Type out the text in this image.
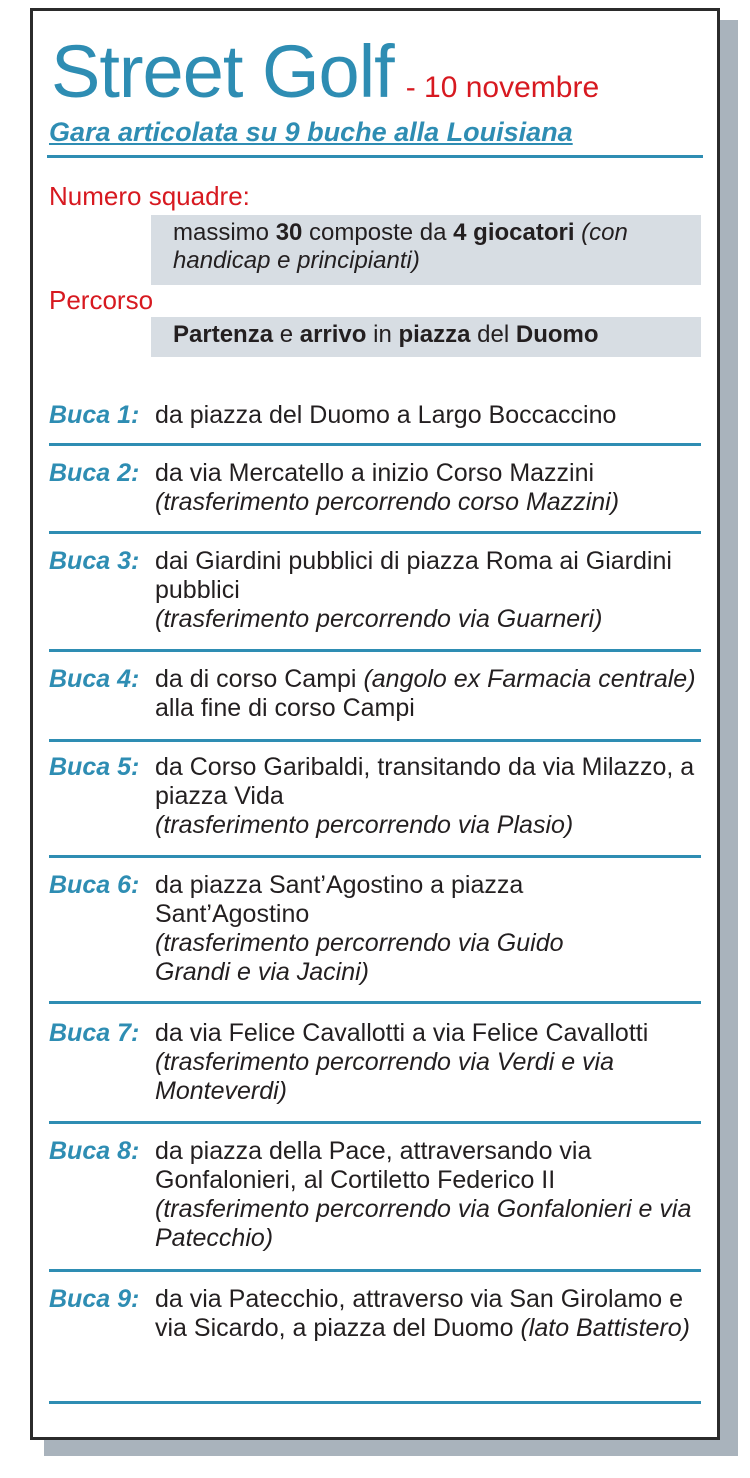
Street Golf - 10 novembre
Gara articolata su 9 buche alla Louisiana
Numero squadre:
massimo 30 composte da 4 giocatori (con handicap e principianti)
Percorso
Partenza e arrivo in piazza del Duomo
Buca 1: da piazza del Duomo a Largo Boccaccino
Buca 2: da via Mercatello a inizio Corso Mazzini
(trasferimento percorrendo corso Mazzini)
Buca 3: dai Giardini pubblici di piazza Roma ai Giardini pubblici
(trasferimento percorrendo via Guarneri)
Buca 4: da di corso Campi (angolo ex Farmacia centrale) alla fine di corso Campi
Buca 5: da Corso Garibaldi, transitando da via Milazzo, a piazza Vida
(trasferimento percorrendo via Plasio)
Buca 6: da piazza Sant’Agostino a piazza Sant’Agostino
(trasferimento percorrendo via Guido Grandi e via Jacini)
Buca 7: da via Felice Cavallotti a via Felice Cavallotti
(trasferimento percorrendo via Verdi e via Monteverdi)
Buca 8: da piazza della Pace, attraversando via Gonfalonieri, al Cortiletto Federico II
(trasferimento percorrendo via Gonfalonieri e via Patecchio)
Buca 9: da via Patecchio, attraverso via San Girolamo e via Sicardo, a piazza del Duomo (lato Battistero)
